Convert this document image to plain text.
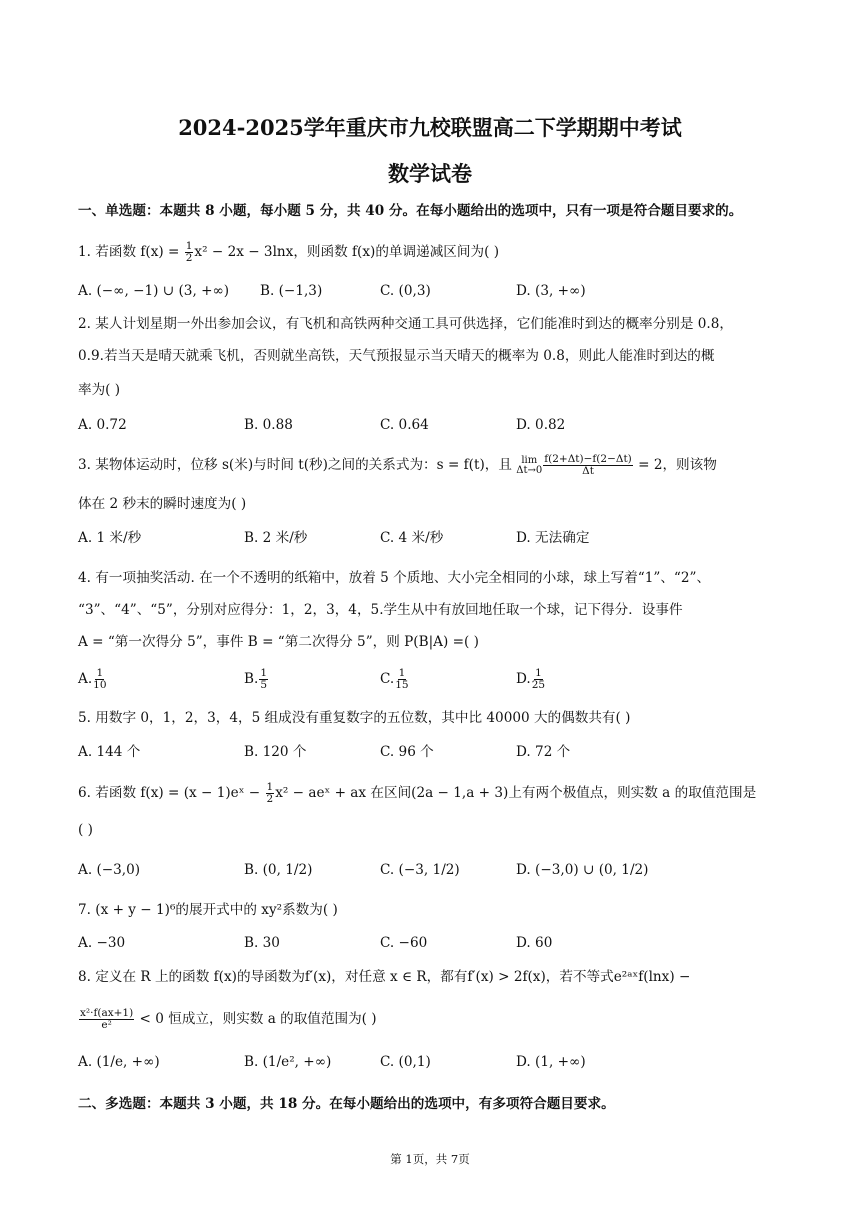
2024-2025学年重庆市九校联盟高二下学期期中考试
数学试卷
一、单选题：本题共 8 小题，每小题 5 分，共 40 分。在每小题给出的选项中，只有一项是符合题目要求的。
1. 若函数 $f(x) = \frac{1}{2} x^2 - 2x - 3\ln x$，则函数 f(x)的单调递减区间为( )
A. (−∞, −1) ∪ (3, +∞) B. (−1,3)	C. (0,3)	D. (3, +∞)
2. 某人计划星期一外出参加会议，有飞机和高铁两种交通工具可供选择，它们能准时到达的概率分别是 0.8，
0.9.若当天是晴天就乘飞机，否则就坐高铁，天气预报显示当天晴天的概率为 0.8，则此人能准时到达的概
率为( )
A. 0.72	B. 0.88	C. 0.64	D. 0.82
3. 某物体运动时，位移 s(米)与时间 t(秒)之间的关系式为：s = f(t)，且 lim
$\Delta t\to 0 \frac{f(2+\Delta t)-f(2-\Delta t)}{\Delta t} = 2$，则该物
体在 2 秒末的瞬时速度为( )
A. 1 米/秒	B. 2 米/秒	C. 4 米/秒	D. 无法确定
4. 有一项抽奖活动. 在一个不透明的纸箱中，放着 5 个质地、大小完全相同的小球，球上写着“1”、“2”、
“3”、“4”、“5”，分别对应得分：1，2，3，4，5.学生从中有放回地任取一个球，记下得分．设事件
A = “第一次得分 5”，事件 B = “第二次得分 5”，则 P(B|A) =( )
A. $\frac{1}{10}$	B. $\frac{1}{5}$	C. $\frac{1}{15}$	D. $\frac{1}{25}$
5. 用数字 0，1，2，3，4，5 组成没有重复数字的五位数，其中比 40000 大的偶数共有( )
A. 144 个	B. 120 个	C. 96 个	D. 72 个
6. 若函数 f(x) = (x − 1)eˣ − $\frac{1}{2} x^2$ − aeˣ + ax 在区间(2a − 1,a + 3)上有两个极值点，则实数 a 的取值范围是
( )
A. (−3,0)	B. (0, 1/2)	C. (−3, 1/2)	D. (−3,0) ∪ (0, 1/2)
7. (x + y − 1)⁶的展开式中的 xy²系数为( )
A. −30	B. 30	C. −60	D. 60
8. 定义在 R 上的函数 f(x)的导函数为f′(x)，对任意 x ∈ R，都有f′(x) > 2f(x)，若不等式e²ᵃˣf(lnx) −
$\frac{\text{x²·f(ax+1)}}{\text{e²}} < 0$ 恒成立，则实数 a 的取值范围为( )
A. (1/e, +∞)	B. (1/e², +∞)	C. (0,1)	D. (1, +∞)
二、多选题：本题共 3 小题，共 18 分。在每小题给出的选项中，有多项符合题目要求。
第 1页，共 7页
